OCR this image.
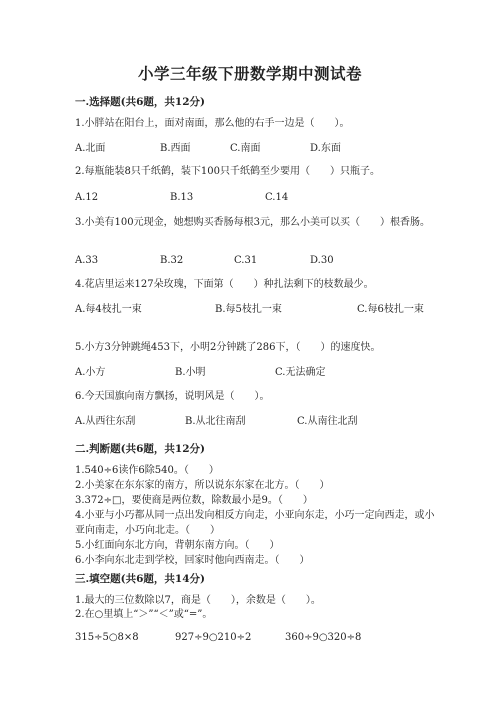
小学三年级下册数学期中测试卷
一.选择题(共6题，共12分)
1.小胖站在阳台上，面对南面，那么他的右手一边是（　　）。
A.北面	B.西面	C.南面	D.东面
2.每瓶能装8只千纸鹤，装下100只千纸鹤至少要用（　　）只瓶子。
A.12	B.13	C.14
3.小美有100元现金，她想购买香肠每根3元，那么小美可以买（　　）根香肠。
A.33	B.32	C.31	D.30
4.花店里运来127朵玫瑰，下面第（　　）种扎法剩下的枝数最少。
A.每4枝扎一束	B.每5枝扎一束	C.每6枝扎一束
5.小方3分钟跳绳453下，小明2分钟跳了286下，（　　）的速度快。
A.小方	B.小明	C.无法确定
6.今天国旗向南方飘扬，说明风是（　　）。
A.从西往东刮	B.从北往南刮	C.从南往北刮
二.判断题(共6题，共12分)
1.540÷6读作6除540。（　　）
2.小美家在东东家的南方，所以说东东家在北方。（　　）
3.372÷□，要使商是两位数，除数最小是9。（　　）
4.小亚与小巧都从同一点出发向相反方向走，小亚向东走，小巧一定向西走，或小亚向南走，小巧向北走。（　　）
5.小红面向东北方向，背朝东南方向。（　　）
6.小李向东北走到学校，回家时他向西南走。（　　）
三.填空题(共6题，共14分)
1.最大的三位数除以7，商是（　　），余数是（　　）。
2.在○里填上“＞”“＜”或“=”。
315÷5○8×8	927÷9○210÷2	360÷9○320÷8
